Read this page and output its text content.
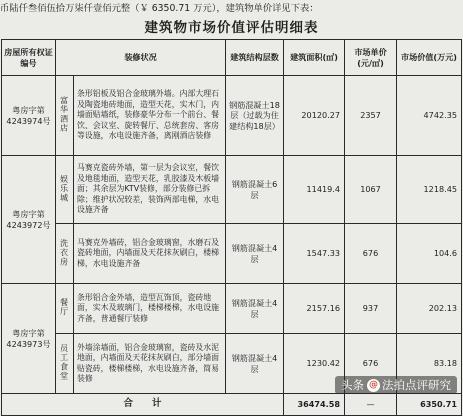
币陆仟叁佰伍拾万柒仟壹佰元整（￥ 6350.71 万元），建筑物单价详见下表：
建筑物市场价值评估明细表
房屋所有权证编号	装修状况		建筑结构层数	建筑面积(㎡)	市场单价(元/㎡)	市场价值(万元)
粤房字第4243974号	富华酒店	条形铝板及铝合金玻璃外墙。内部大理石及陶瓷地砖地面，造型天花，实木门，内墙面贴墙纸，装修豪华分布一个前台、餐饮、会议室、旋转餐厅、总统套房、客房等设施，水电设施齐备，离刚酒店装修	钢筋混凝土18层（过载为住建结构18层）	20120.27	2357	4742.35
粤房字第4243972号	娱乐城	马赛克瓷砖外墙，第一层为会议室，餐饮及地毯地面，造型天花，乳胶漆及木板墙面；其余层为KTV装修，部分装修已拆除；维护状况较差，装饰两部电梯，水电设施齐备	钢筋混凝土6层	11419.4	1067	1218.45
	洗衣房	马赛克外墙砖，铝合金玻璃窗，水磨石及瓷砖地面，内墙面及天花抹灰刷白，楼梯梯，水电设施齐备	钢筋混凝土4层	1547.33	676	104.6
粤房字第4243973号	餐厅	条形铝合金外墙，造型瓦饰顶，瓷砖地面，实木及玻璃门，楼梯楼梯，水电设施齐备，普通餐厅装修	钢筋混凝土4层	2157.16	937	202.13
	员工食堂	外墙涂墙面，铝合金玻璃窗，瓷砖及水泥地面，内墙面及天花抹灰刷白，部分墙面贴瓷砖，楼梯楼梯，水电设施齐备，简易装修	钢筋混凝土4层	1230.42	676	83.18
合　　计				36474.58	—	6350.71
头条 @ 法拍点评研究
